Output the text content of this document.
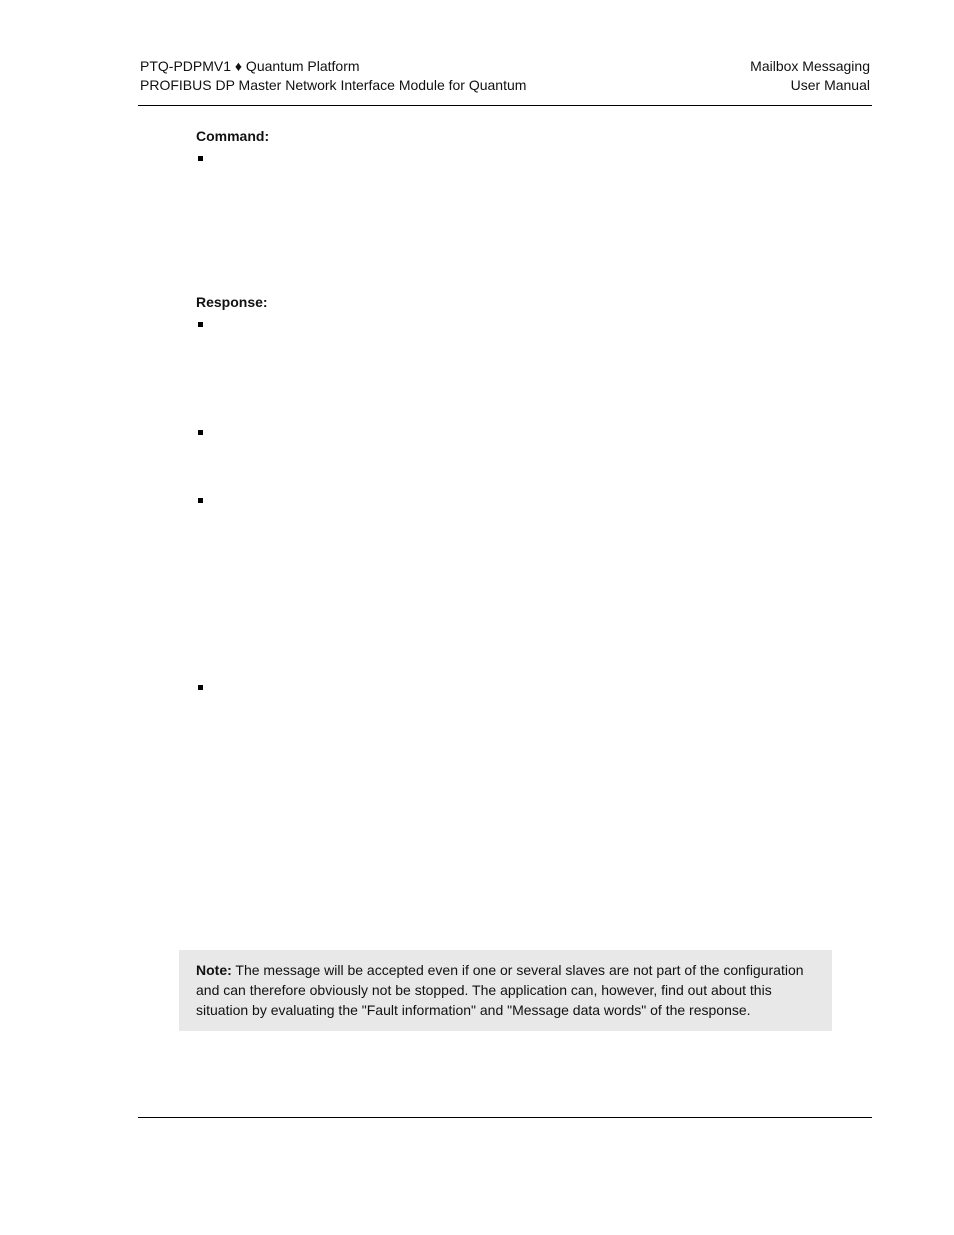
PTQ-PDPMV1 ♦ Quantum Platform
PROFIBUS DP Master Network Interface Module for Quantum
Mailbox Messaging
User Manual
Command:
Response:
Note: The message will be accepted even if one or several slaves are not part of the configuration and can therefore obviously not be stopped. The application can, however, find out about this situation by evaluating the "Fault information" and "Message data words" of the response.
